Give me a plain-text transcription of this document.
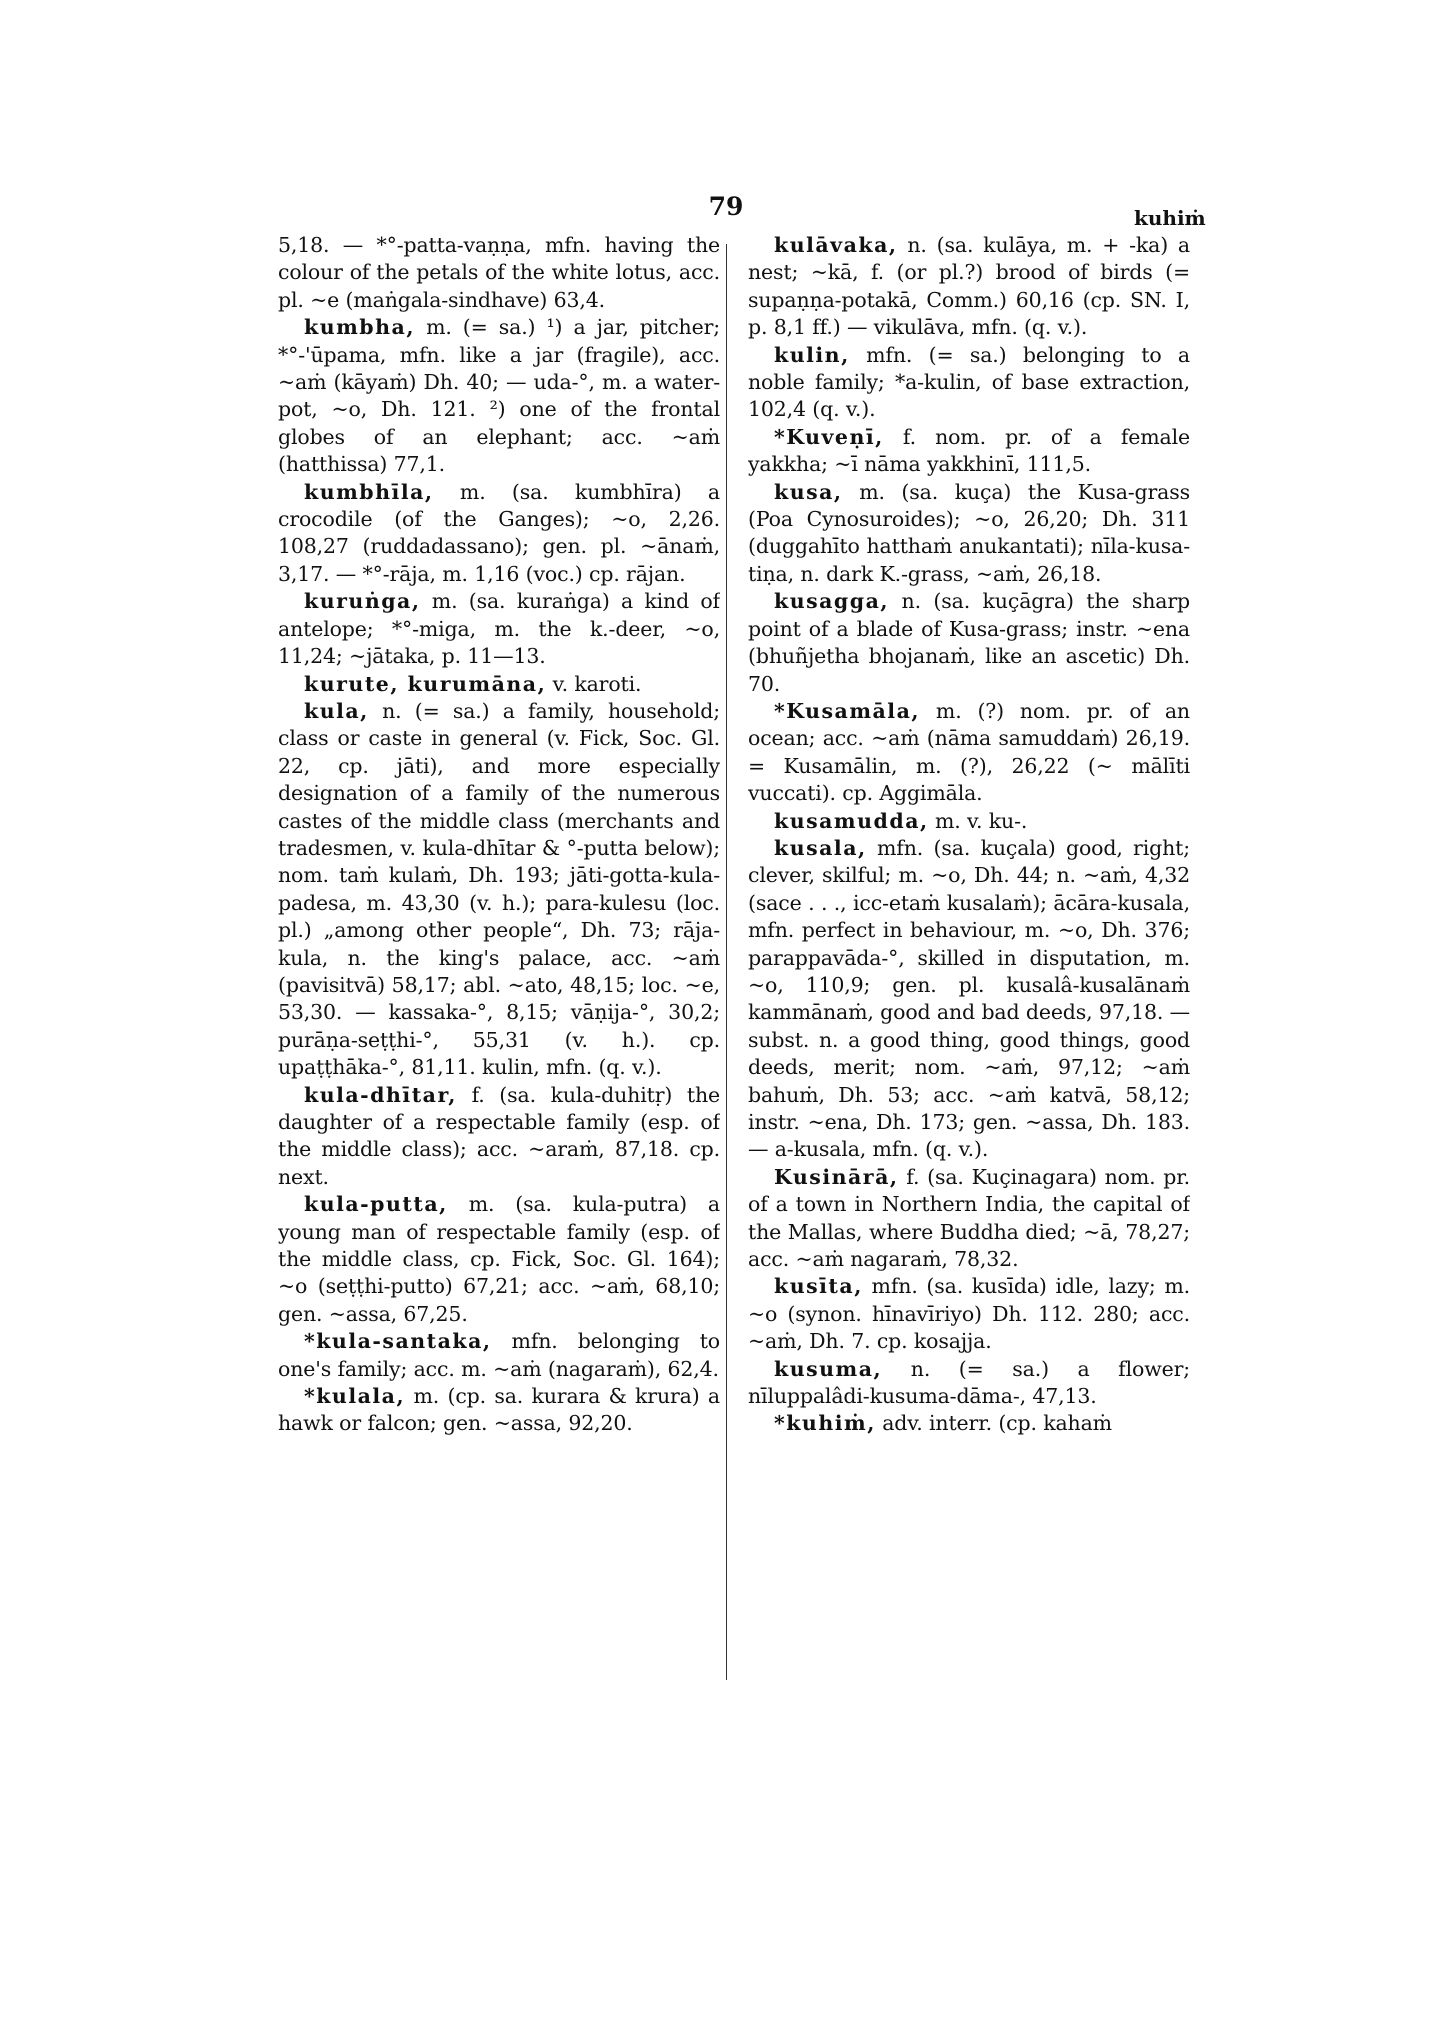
79	kuhiṁ

5,18. — *°-patta-vaṇṇa, mfn. having the colour of the petals of the white lotus, acc. pl. ~e (maṅgala-sindhave) 63,4.

kumbha, m. (= sa.) ¹) a jar, pitcher; *°-'ūpama, mfn. like a jar (fragile), acc. ~aṁ (kāyaṁ) Dh. 40; — uda-°, m. a water-pot, ~o, Dh. 121. ²) one of the frontal globes of an elephant; acc. ~aṁ (hatthissa) 77,1.

kumbhīla, m. (sa. kumbhīra) a crocodile (of the Ganges); ~o, 2,26. 108,27 (ruddadassano); gen. pl. ~ānaṁ, 3,17. — *°-rāja, m. 1,16 (voc.) cp. rājan.

kuruṅga, m. (sa. kuraṅga) a kind of antelope; *°-miga, m. the k.-deer, ~o, 11,24; ~jātaka, p. 11—13.

kurute, kurumāna, v. karoti.

kula, n. (= sa.) a family, household; class or caste in general (v. Fick, Soc. Gl. 22, cp. jāti), and more especially designation of a family of the numerous castes of the middle class (merchants and tradesmen, v. kula-dhītar & °-putta below); nom. taṁ kulaṁ, Dh. 193; jāti-gotta-kula-padesa, m. 43,30 (v. h.); para-kulesu (loc. pl.) „among other people“, Dh. 73; rāja-kula, n. the king's palace, acc. ~aṁ (pavisitvā) 58,17; abl. ~ato, 48,15; loc. ~e, 53,30. — kassaka-°, 8,15; vāṇija-°, 30,2; purāṇa-seṭṭhi-°, 55,31 (v. h.). cp. upaṭṭhāka-°, 81,11. kulin, mfn. (q. v.).

kula-dhītar, f. (sa. kula-duhitṛ) the daughter of a respectable family (esp. of the middle class); acc. ~araṁ, 87,18. cp. next.

kula-putta, m. (sa. kula-putra) a young man of respectable family (esp. of the middle class, cp. Fick, Soc. Gl. 164); ~o (seṭṭhi-putto) 67,21; acc. ~aṁ, 68,10; gen. ~assa, 67,25.

*kula-santaka, mfn. belonging to one's family; acc. m. ~aṁ (nagaraṁ), 62,4.

*kulala, m. (cp. sa. kurara & krura) a hawk or falcon; gen. ~assa, 92,20.

kulāvaka, n. (sa. kulāya, m. + -ka) a nest; ~kā, f. (or pl.?) brood of birds (= supaṇṇa-potakā, Comm.) 60,16 (cp. SN. I, p. 8,1 ff.) — vikulāva, mfn. (q. v.).

kulin, mfn. (= sa.) belonging to a noble family; *a-kulin, of base extraction, 102,4 (q. v.).

*Kuveṇī, f. nom. pr. of a female yakkha; ~ī nāma yakkhinī, 111,5.

kusa, m. (sa. kuça) the Kusa-grass (Poa Cynosuroides); ~o, 26,20; Dh. 311 (duggahīto hatthaṁ anukantati); nīla-kusa-tiṇa, n. dark K.-grass, ~aṁ, 26,18.

kusagga, n. (sa. kuçāgra) the sharp point of a blade of Kusa-grass; instr. ~ena (bhuñjetha bhojanaṁ, like an ascetic) Dh. 70.

*Kusamāla, m. (?) nom. pr. of an ocean; acc. ~aṁ (nāma samuddaṁ) 26,19. = Kusamālin, m. (?), 26,22 (~ mālīti vuccati). cp. Aggimāla.

kusamudda, m. v. ku-.

kusala, mfn. (sa. kuçala) good, right; clever, skilful; m. ~o, Dh. 44; n. ~aṁ, 4,32 (sace . . ., icc-etaṁ kusalaṁ); ācāra-kusala, mfn. perfect in behaviour, m. ~o, Dh. 376; parappavāda-°, skilled in disputation, m. ~o, 110,9; gen. pl. kusalâ-kusalānaṁ kammānaṁ, good and bad deeds, 97,18. — subst. n. a good thing, good things, good deeds, merit; nom. ~aṁ, 97,12; ~aṁ bahuṁ, Dh. 53; acc. ~aṁ katvā, 58,12; instr. ~ena, Dh. 173; gen. ~assa, Dh. 183. — a-kusala, mfn. (q. v.).

Kusinārā, f. (sa. Kuçinagara) nom. pr. of a town in Northern India, the capital of the Mallas, where Buddha died; ~ā, 78,27; acc. ~aṁ nagaraṁ, 78,32.

kusīta, mfn. (sa. kusīda) idle, lazy; m. ~o (synon. hīnavīriyo) Dh. 112. 280; acc. ~aṁ, Dh. 7. cp. kosajja.

kusuma, n. (= sa.) a flower; nīluppalâdi-kusuma-dāma-, 47,13.

*kuhiṁ, adv. interr. (cp. kahaṁ
